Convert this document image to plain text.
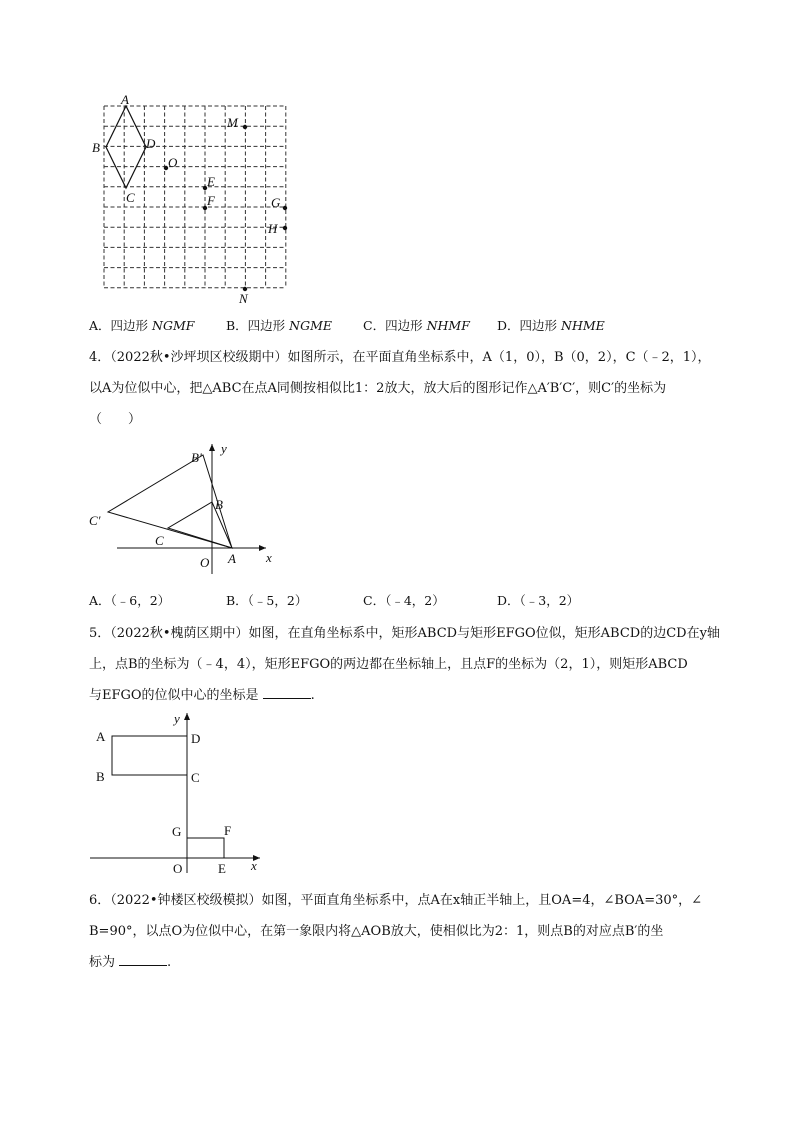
A
B	D
C
O
M
E
F	G
H
N
A．四边形 NGMF	B．四边形 NGME C．四边形 NHMF D．四边形 NHME
4．（2022秋•沙坪坝区校级期中）如图所示，在平面直角坐标系中，A（1，0），B（0，2），C（﹣2，1），
以A为位似中心，把△ABC在点A同侧按相似比1：2放大，放大后的图形记作△A′B′C′，则C′的坐标为
（　　）
B′
B
C′
C
O A x
y
A．（﹣6，2）	B．（﹣5，2）	C．（﹣4，2）	D．（﹣3，2）
5．（2022秋•槐荫区期中）如图，在直角坐标系中，矩形ABCD与矩形EFGO位似，矩形ABCD的边CD在y轴
上，点B的坐标为（﹣4，4），矩形EFGO的两边都在坐标轴上，且点F的坐标为（2，1），则矩形ABCD
与EFGO的位似中心的坐标是	.
y
A	D
B	C
G	F
O	E x
6．（2022•钟楼区校级模拟）如图，平面直角坐标系中，点A在x轴正半轴上，且OA=4，∠BOA=30°，∠
B=90°，以点O为位似中心，在第一象限内将△AOB放大，使相似比为2：1，则点B的对应点B′的坐
标为	.
